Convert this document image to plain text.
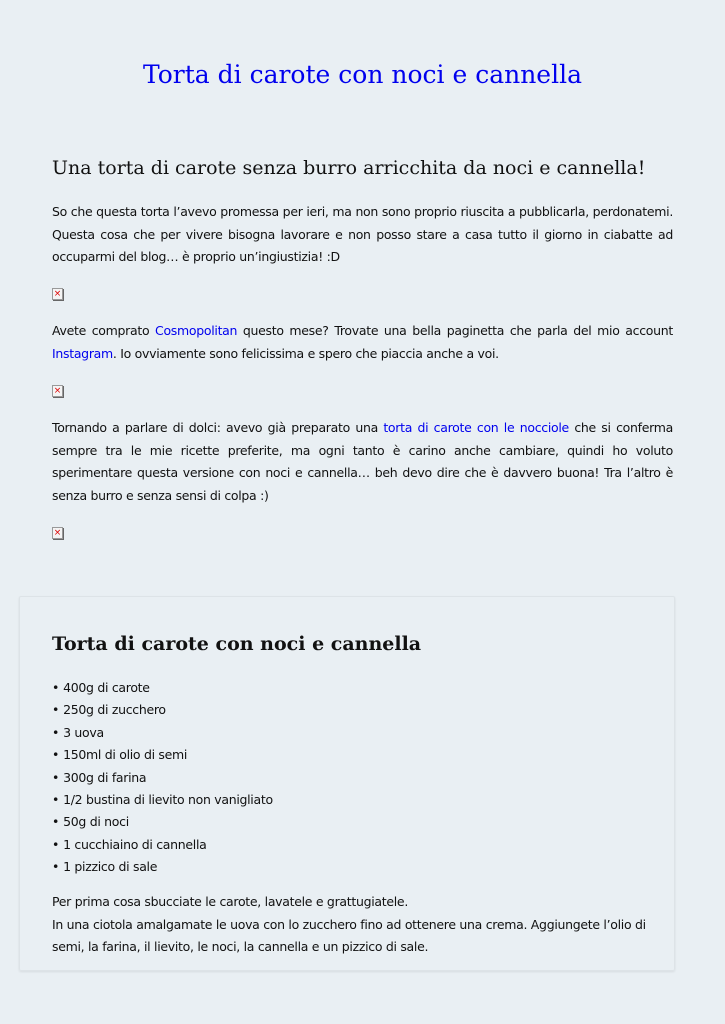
Torta di carote con noci e cannella
Una torta di carote senza burro arricchita da noci e cannella!

So che questa torta l’avevo promessa per ieri, ma non sono proprio riuscita a pubblicarla, perdonatemi. Questa cosa che per vivere bisogna lavorare e non posso stare a casa tutto il giorno in ciabatte ad occuparmi del blog… è proprio un’ingiustizia! :D

×

Avete comprato Cosmopolitan questo mese? Trovate una bella paginetta che parla del mio account Instagram. Io ovviamente sono felicissima e spero che piaccia anche a voi.

×

Tornando a parlare di dolci: avevo già preparato una torta di carote con le nocciole che si conferma sempre tra le mie ricette preferite, ma ogni tanto è carino anche cambiare, quindi ho voluto sperimentare questa versione con noci e cannella… beh devo dire che è davvero buona! Tra l’altro è senza burro e senza sensi di colpa :)

×
Torta di carote con noci e cannella
• 400g di carote
• 250g di zucchero
• 3 uova
• 150ml di olio di semi
• 300g di farina
• 1/2 bustina di lievito non vanigliato
• 50g di noci
• 1 cucchiaino di cannella
• 1 pizzico di sale

Per prima cosa sbucciate le carote, lavatele e grattugiatele.
In una ciotola amalgamate le uova con lo zucchero fino ad ottenere una crema. Aggiungete l’olio di semi, la farina, il lievito, le noci, la cannella e un pizzico di sale.
